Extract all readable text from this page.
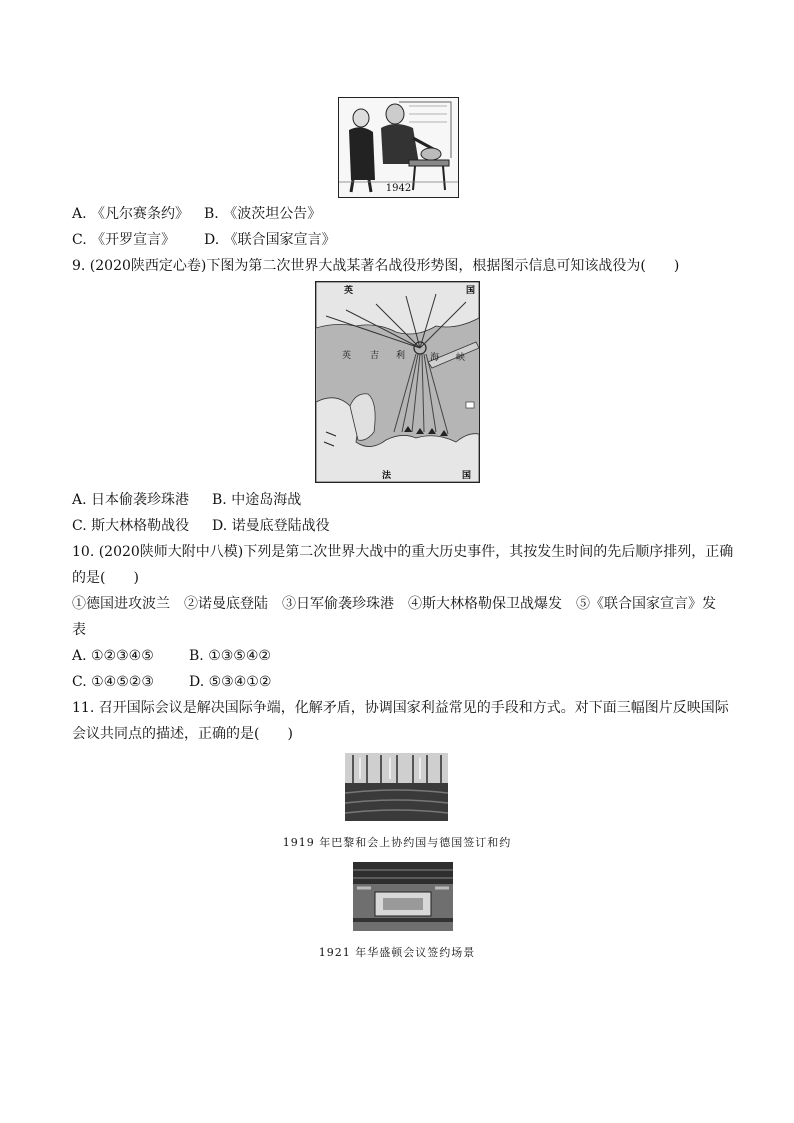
1942
A. 《凡尔赛条约》 B. 《波茨坦公告》
C. 《开罗宣言》 D. 《联合国家宣言》
9. (2020陕西定心卷)下图为第二次世界大战某著名战役形势图，根据图示信息可知该战役为(　　)
英	国
英 吉 利	海 峡
法	国
A. 日本偷袭珍珠港 B. 中途岛海战
C. 斯大林格勒战役 D. 诺曼底登陆战役
10. (2020陕师大附中八模)下列是第二次世界大战中的重大历史事件，其按发生时间的先后顺序排列，正确
的是(　　)
①德国进攻波兰　②诺曼底登陆　③日军偷袭珍珠港　④斯大林格勒保卫战爆发　⑤《联合国家宣言》发
表
A. ①②③④⑤	B. ①③⑤④②
C. ①④⑤②③	D. ⑤③④①②
11. 召开国际会议是解决国际争端，化解矛盾，协调国家利益常见的手段和方式。对下面三幅图片反映国际
会议共同点的描述，正确的是(　　)
1919 年巴黎和会上协约国与德国签订和约
1921 年华盛顿会议签约场景
